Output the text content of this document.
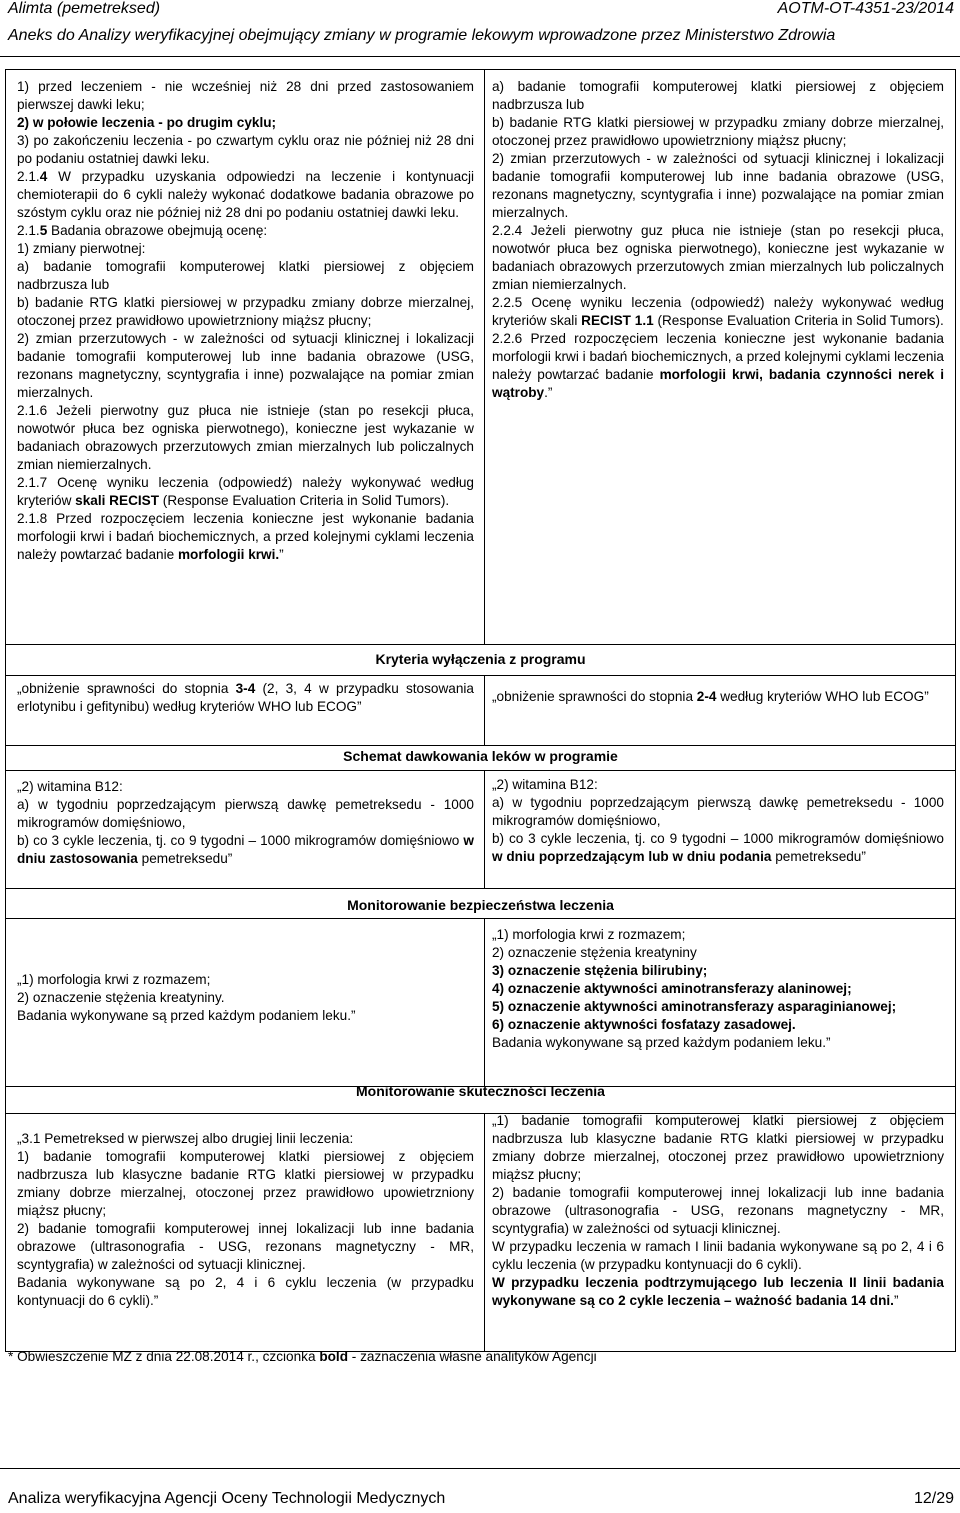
Alimta (pemetreksed)	AOTM-OT-4351-23/2014
Aneks do Analizy weryfikacyjnej obejmujący zmiany w programie lekowym wprowadzone przez Ministerstwo Zdrowia

1) przed leczeniem - nie wcześniej niż 28 dni przed zastosowaniem pierwszej dawki leku;

2) w połowie leczenia - po drugim cyklu;

3) po zakończeniu leczenia - po czwartym cyklu oraz nie później niż 28 dni po podaniu ostatniej dawki leku.

2.1.4 W przypadku uzyskania odpowiedzi na leczenie i kontynuacji chemioterapii do 6 cykli należy wykonać dodatkowe badania obrazowe po szóstym cyklu oraz nie później niż 28 dni po podaniu ostatniej dawki leku.

2.1.5 Badania obrazowe obejmują ocenę:

1) zmiany pierwotnej:

a) badanie tomografii komputerowej klatki piersiowej z objęciem nadbrzusza lub

b) badanie RTG klatki piersiowej w przypadku zmiany dobrze mierzalnej, otoczonej przez prawidłowo upowietrzniony miąższ płucny;

2) zmian przerzutowych - w zależności od sytuacji klinicznej i lokalizacji badanie tomografii komputerowej lub inne badania obrazowe (USG, rezonans magnetyczny, scyntygrafia i inne) pozwalające na pomiar zmian mierzalnych.

2.1.6 Jeżeli pierwotny guz płuca nie istnieje (stan po resekcji płuca, nowotwór płuca bez ogniska pierwotnego), konieczne jest wykazanie w badaniach obrazowych przerzutowych zmian mierzalnych lub policzalnych zmian niemierzalnych.

2.1.7 Ocenę wyniku leczenia (odpowiedź) należy wykonywać według kryteriów skali RECIST (Response Evaluation Criteria in Solid Tumors).

2.1.8 Przed rozpoczęciem leczenia konieczne jest wykonanie badania morfologii krwi i badań biochemicznych, a przed kolejnymi cyklami leczenia należy powtarzać badanie morfologii krwi.”

a) badanie tomografii komputerowej klatki piersiowej z objęciem nadbrzusza lub

b) badanie RTG klatki piersiowej w przypadku zmiany dobrze mierzalnej, otoczonej przez prawidłowo upowietrzniony miąższ płucny;

2) zmian przerzutowych - w zależności od sytuacji klinicznej i lokalizacji badanie tomografii komputerowej lub inne badania obrazowe (USG, rezonans magnetyczny, scyntygrafia i inne) pozwalające na pomiar zmian mierzalnych.

2.2.4 Jeżeli pierwotny guz płuca nie istnieje (stan po resekcji płuca, nowotwór płuca bez ogniska pierwotnego), konieczne jest wykazanie w badaniach obrazowych przerzutowych zmian mierzalnych lub policzalnych zmian niemierzalnych.

2.2.5 Ocenę wyniku leczenia (odpowiedź) należy wykonywać według kryteriów skali RECIST 1.1 (Response Evaluation Criteria in Solid Tumors).

2.2.6 Przed rozpoczęciem leczenia konieczne jest wykonanie badania morfologii krwi i badań biochemicznych, a przed kolejnymi cyklami leczenia należy powtarzać badanie morfologii krwi, badania czynności nerek i wątroby.”

Kryteria wyłączenia z programu

„obniżenie sprawności do stopnia 3-4 (2, 3, 4 w przypadku stosowania erlotynibu i gefitynibu) według kryteriów WHO lub ECOG”

„obniżenie sprawności do stopnia 2-4 według kryteriów WHO lub ECOG”

Schemat dawkowania leków w programie

„2) witamina B12:

a) w tygodniu poprzedzającym pierwszą dawkę pemetreksedu - 1000 mikrogramów domięśniowo,

b) co 3 cykle leczenia, tj. co 9 tygodni – 1000 mikrogramów domięśniowo w dniu zastosowania pemetreksedu”

„2) witamina B12:

a) w tygodniu poprzedzającym pierwszą dawkę pemetreksedu - 1000 mikrogramów domięśniowo,

b) co 3 cykle leczenia, tj. co 9 tygodni – 1000 mikrogramów domięśniowo w dniu poprzedzającym lub w dniu podania pemetreksedu”

Monitorowanie bezpieczeństwa leczenia

„1) morfologia krwi z rozmazem;

2) oznaczenie stężenia kreatyniny.

Badania wykonywane są przed każdym podaniem leku.”

„1) morfologia krwi z rozmazem;

2) oznaczenie stężenia kreatyniny

3) oznaczenie stężenia bilirubiny;

4) oznaczenie aktywności aminotransferazy alaninowej;

5) oznaczenie aktywności aminotransferazy asparaginianowej;

6) oznaczenie aktywności fosfatazy zasadowej.

Badania wykonywane są przed każdym podaniem leku.”

Monitorowanie skuteczności leczenia

„3.1 Pemetreksed w pierwszej albo drugiej linii leczenia:

1) badanie tomografii komputerowej klatki piersiowej z objęciem nadbrzusza lub klasyczne badanie RTG klatki piersiowej w przypadku zmiany dobrze mierzalnej, otoczonej przez prawidłowo upowietrzniony miąższ płucny;

2) badanie tomografii komputerowej innej lokalizacji lub inne badania obrazowe (ultrasonografia - USG, rezonans magnetyczny - MR, scyntygrafia) w zależności od sytuacji klinicznej.

Badania wykonywane są po 2, 4 i 6 cyklu leczenia (w przypadku kontynuacji do 6 cykli).”

„1) badanie tomografii komputerowej klatki piersiowej z objęciem nadbrzusza lub klasyczne badanie RTG klatki piersiowej w przypadku zmiany dobrze mierzalnej, otoczonej przez prawidłowo upowietrzniony miąższ płucny;

2) badanie tomografii komputerowej innej lokalizacji lub inne badania obrazowe (ultrasonografia - USG, rezonans magnetyczny - MR, scyntygrafia) w zależności od sytuacji klinicznej.

W przypadku leczenia w ramach I linii badania wykonywane są po 2, 4 i 6 cyklu leczenia (w przypadku kontynuacji do 6 cykli).

W przypadku leczenia podtrzymującego lub leczenia II linii badania wykonywane są co 2 cykle leczenia – ważność badania 14 dni.”

* Obwieszczenie MZ z dnia 22.08.2014 r., czcionka bold - zaznaczenia własne analityków Agencji
Analiza weryfikacyjna Agencji Oceny Technologii Medycznych	12/29
